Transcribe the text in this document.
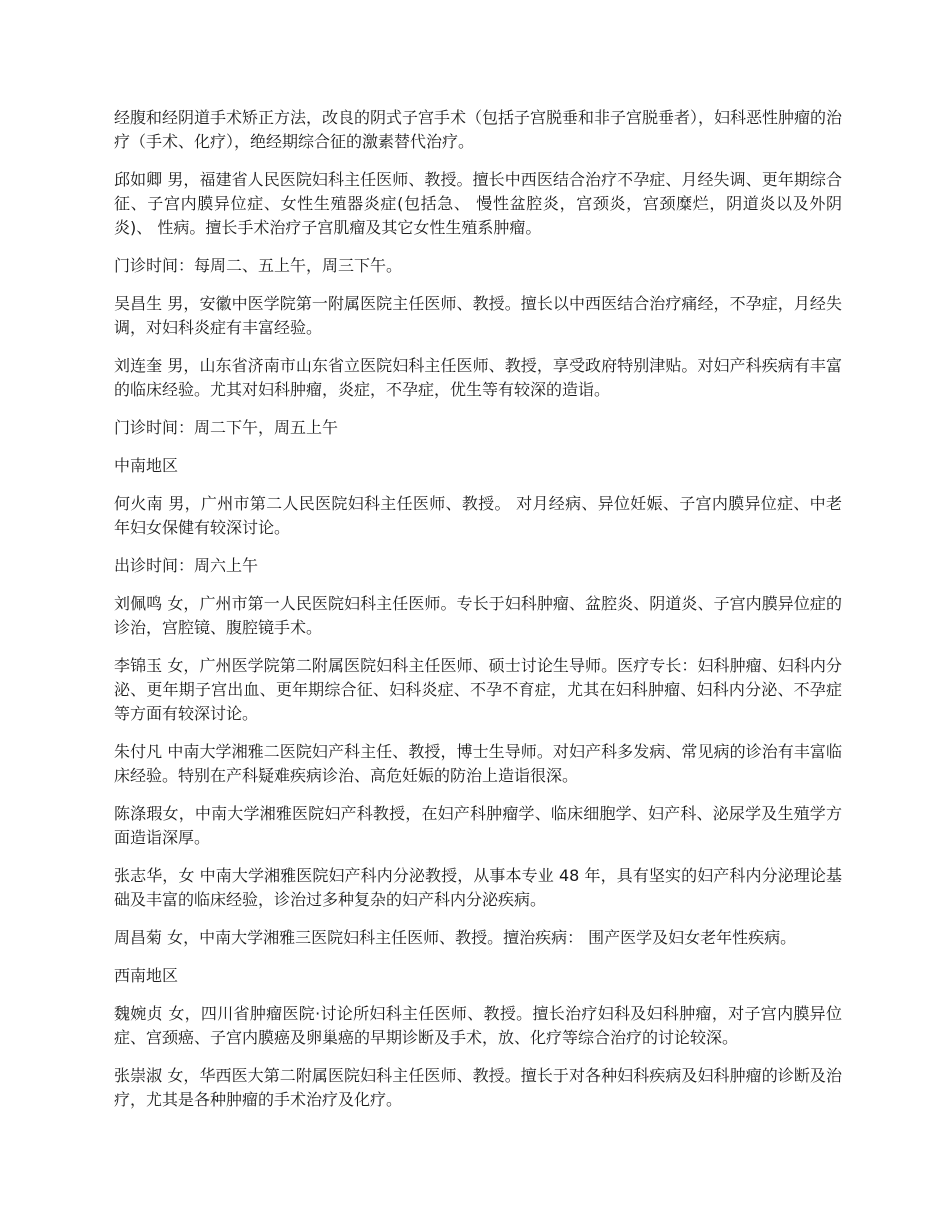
经腹和经阴道手术矫正方法，改良的阴式子宫手术（包括子宫脱垂和非子宫脱垂者），妇科恶性肿瘤的治疗（手术、化疗），绝经期综合征的激素替代治疗。

邱如卿 男，福建省人民医院妇科主任医师、教授。擅长中西医结合治疗不孕症、月经失调、更年期综合征、子宫内膜异位症、女性生殖器炎症(包括急、 慢性盆腔炎，宫颈炎，宫颈糜烂，阴道炎以及外阴炎)、 性病。擅长手术治疗子宫肌瘤及其它女性生殖系肿瘤。

门诊时间：每周二、五上午，周三下午。

吴昌生 男，安徽中医学院第一附属医院主任医师、教授。擅长以中西医结合治疗痛经，不孕症，月经失调，对妇科炎症有丰富经验。

刘连奎 男，山东省济南市山东省立医院妇科主任医师、教授，享受政府特别津贴。对妇产科疾病有丰富的临床经验。尤其对妇科肿瘤，炎症，不孕症，优生等有较深的造诣。

门诊时间：周二下午，周五上午

中南地区

何火南 男，广州市第二人民医院妇科主任医师、教授。 对月经病、异位妊娠、子宫内膜异位症、中老年妇女保健有较深讨论。

出诊时间：周六上午

刘佩鸣 女，广州市第一人民医院妇科主任医师。专长于妇科肿瘤、盆腔炎、阴道炎、子宫内膜异位症的诊治，宫腔镜、腹腔镜手术。

李锦玉 女，广州医学院第二附属医院妇科主任医师、硕士讨论生导师。医疗专长：妇科肿瘤、妇科内分泌、更年期子宫出血、更年期综合征、妇科炎症、不孕不育症，尤其在妇科肿瘤、妇科内分泌、不孕症等方面有较深讨论。

朱付凡 中南大学湘雅二医院妇产科主任、教授，博士生导师。对妇产科多发病、常见病的诊治有丰富临床经验。特别在产科疑难疾病诊治、高危妊娠的防治上造诣很深。

陈涤瑕女，中南大学湘雅医院妇产科教授，在妇产科肿瘤学、临床细胞学、妇产科、泌尿学及生殖学方面造诣深厚。

张志华，女 中南大学湘雅医院妇产科内分泌教授，从事本专业 48 年，具有坚实的妇产科内分泌理论基础及丰富的临床经验，诊治过多种复杂的妇产科内分泌疾病。

周昌菊 女，中南大学湘雅三医院妇科主任医师、教授。擅治疾病： 围产医学及妇女老年性疾病。

西南地区

魏婉贞 女，四川省肿瘤医院·讨论所妇科主任医师、教授。擅长治疗妇科及妇科肿瘤，对子宫内膜异位症、宫颈癌、子宫内膜癌及卵巢癌的早期诊断及手术，放、化疗等综合治疗的讨论较深。

张崇淑 女，华西医大第二附属医院妇科主任医师、教授。擅长于对各种妇科疾病及妇科肿瘤的诊断及治疗，尤其是各种肿瘤的手术治疗及化疗。
